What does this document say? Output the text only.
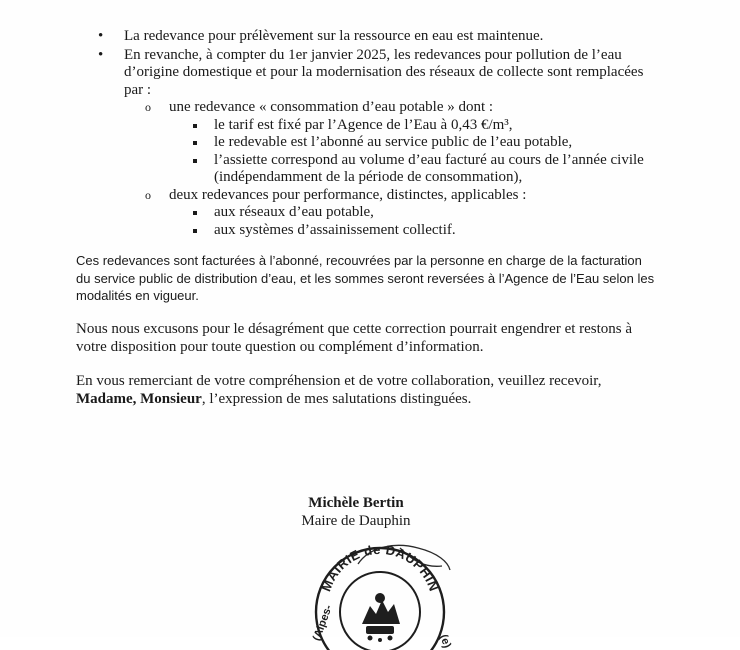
• La redevance pour prélèvement sur la ressource en eau est maintenue.
• En revanche, à compter du 1er janvier 2025, les redevances pour pollution de l’eau d’origine domestique et pour la modernisation des réseaux de collecte sont remplacées par :
o une redevance « consommation d’eau potable » dont :
le tarif est fixé par l’Agence de l’Eau à 0,43 €/m³,
le redevable est l’abonné au service public de l’eau potable,
l’assiette correspond au volume d’eau facturé au cours de l’année civile (indépendamment de la période de consommation),
o deux redevances pour performance, distinctes, applicables :
aux réseaux d’eau potable,
aux systèmes d’assainissement collectif.

Ces redevances sont facturées à l’abonné, recouvrées par la personne en charge de la facturation du service public de distribution d’eau, et les sommes seront reversées à l’Agence de l’Eau selon les modalités en vigueur.

Nous nous excusons pour le désagrément que cette correction pourrait engendrer et restons à votre disposition pour toute question ou complément d’information.

En vous remerciant de votre compréhension et de votre collaboration, veuillez recevoir,
Madame, Monsieur, l’expression de mes salutations distinguées.

Michèle Bertin
Maire de Dauphin
MAIRIE de DAUPHIN
(Alpes-	(e)
